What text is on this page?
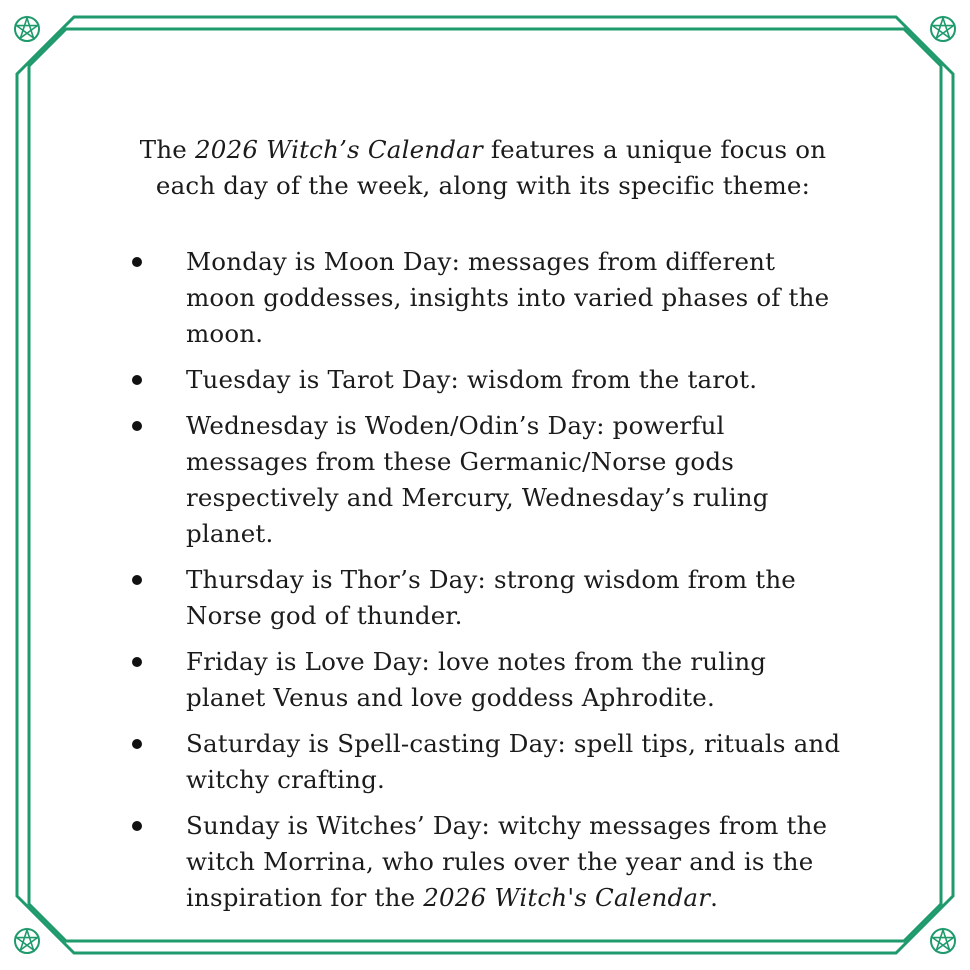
The 2026 Witch’s Calendar features a unique focus on each day of the week, along with its specific theme:

Monday is Moon Day: messages from different moon goddesses, insights into varied phases of the moon.
Tuesday is Tarot Day: wisdom from the tarot.
Wednesday is Woden/Odin’s Day: powerful messages from these Germanic/Norse gods respectively and Mercury, Wednesday’s ruling planet.
Thursday is Thor’s Day: strong wisdom from the Norse god of thunder.
Friday is Love Day: love notes from the ruling planet Venus and love goddess Aphrodite.
Saturday is Spell-casting Day: spell tips, rituals and witchy crafting.
Sunday is Witches’ Day: witchy messages from the witch Morrina, who rules over the year and is the inspiration for the 2026 Witch's Calendar.
